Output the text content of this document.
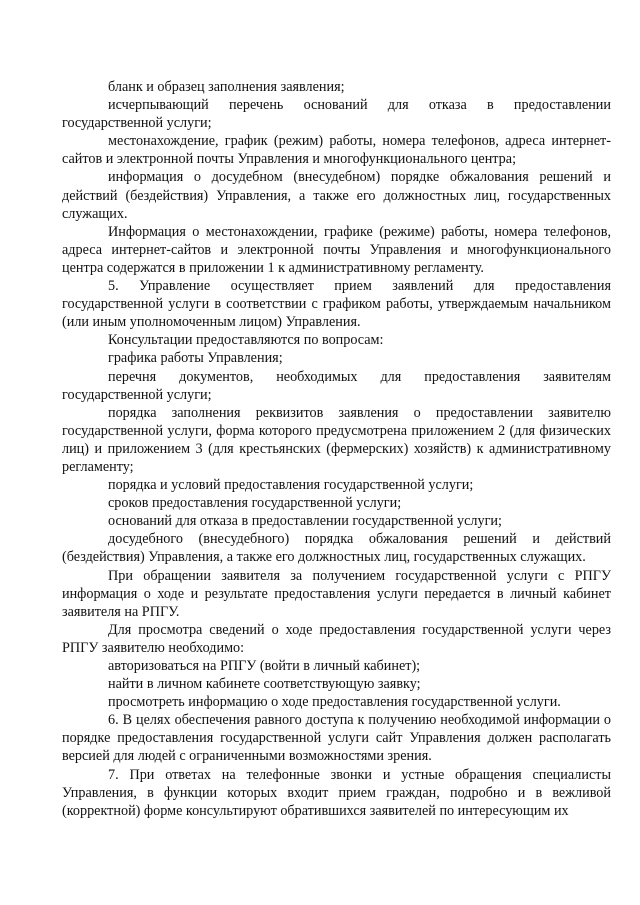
бланк и образец заполнения заявления;

исчерпывающий перечень оснований для отказа в предоставлении государственной услуги;

местонахождение, график (режим) работы, номера телефонов, адреса интернет-сайтов и электронной почты Управления и многофункционального центра;

информация о досудебном (внесудебном) порядке обжалования решений и действий (бездействия) Управления, а также его должностных лиц, государственных служащих.

Информация о местонахождении, графике (режиме) работы, номера телефонов, адреса интернет-сайтов и электронной почты Управления и многофункционального центра содержатся в приложении 1 к административному регламенту.

5. Управление осуществляет прием заявлений для предоставления государственной услуги в соответствии с графиком работы, утверждаемым начальником (или иным уполномоченным лицом) Управления.

Консультации предоставляются по вопросам:

графика работы Управления;

перечня документов, необходимых для предоставления заявителям государственной услуги;

порядка заполнения реквизитов заявления о предоставлении заявителю государственной услуги, форма которого предусмотрена приложением 2 (для физических лиц) и приложением 3 (для крестьянских (фермерских) хозяйств) к административному регламенту;

порядка и условий предоставления государственной услуги;

сроков предоставления государственной услуги;

оснований для отказа в предоставлении государственной услуги;

досудебного (внесудебного) порядка обжалования решений и действий (бездействия) Управления, а также его должностных лиц, государственных служащих.

При обращении заявителя за получением государственной услуги с РПГУ информация о ходе и результате предоставления услуги передается в личный кабинет заявителя на РПГУ.

Для просмотра сведений о ходе предоставления государственной услуги через РПГУ заявителю необходимо:

авторизоваться на РПГУ (войти в личный кабинет);

найти в личном кабинете соответствующую заявку;

просмотреть информацию о ходе предоставления государственной услуги.

6. В целях обеспечения равного доступа к получению необходимой информации о порядке предоставления государственной услуги сайт Управления должен располагать версией для людей с ограниченными возможностями зрения.

7. При ответах на телефонные звонки и устные обращения специалисты Управления, в функции которых входит прием граждан, подробно и в вежливой (корректной) форме консультируют обратившихся заявителей по интересующим их
